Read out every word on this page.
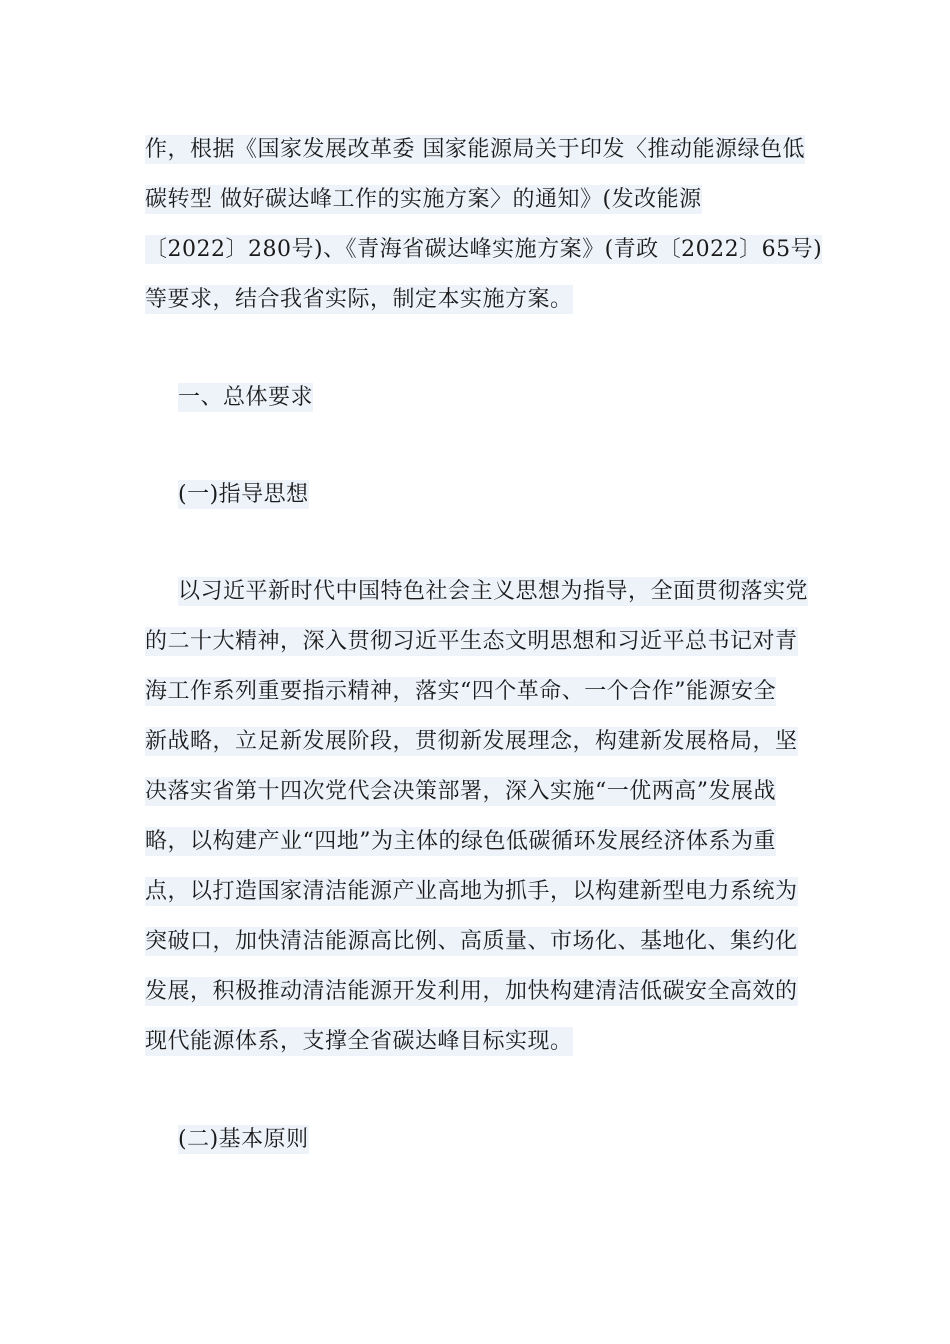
作，根据《国家发展改革委 国家能源局关于印发〈推动能源绿色低
碳转型 做好碳达峰工作的实施方案〉的通知》(发改能源
〔2022〕280号)、《青海省碳达峰实施方案》(青政〔2022〕65号)
等要求，结合我省实际，制定本实施方案。
一、总体要求
(一)指导思想
以习近平新时代中国特色社会主义思想为指导，全面贯彻落实党
的二十大精神，深入贯彻习近平生态文明思想和习近平总书记对青
海工作系列重要指示精神，落实“四个革命、一个合作”能源安全
新战略，立足新发展阶段，贯彻新发展理念，构建新发展格局，坚
决落实省第十四次党代会决策部署，深入实施“一优两高”发展战
略，以构建产业“四地”为主体的绿色低碳循环发展经济体系为重
点，以打造国家清洁能源产业高地为抓手，以构建新型电力系统为
突破口，加快清洁能源高比例、高质量、市场化、基地化、集约化
发展，积极推动清洁能源开发利用，加快构建清洁低碳安全高效的
现代能源体系，支撑全省碳达峰目标实现。
(二)基本原则
